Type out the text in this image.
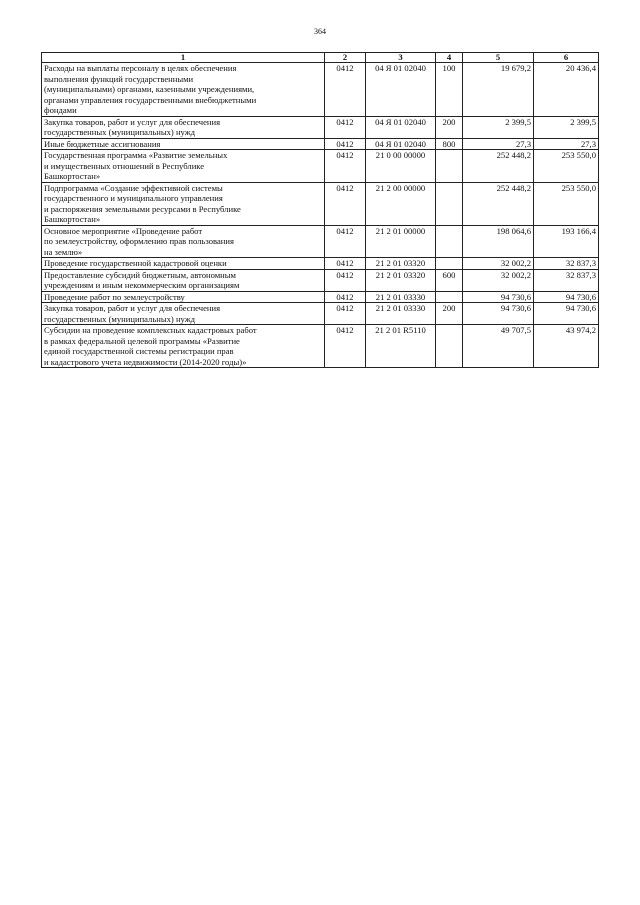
364
1	2	3	4	5	6
Расходы на выплаты персоналу в целях обеспечения
выполнения функций государственными
(муниципальными) органами, казенными учреждениями,
органами управления государственными внебюджетными
фондами	0412	04 Я 01 02040	100	19 679,2	20 436,4
Закупка товаров, работ и услуг для обеспечения
государственных (муниципальных) нужд	0412	04 Я 01 02040	200	2 399,5	2 399,5
Иные бюджетные ассигнования	0412	04 Я 01 02040	800	27,3	27,3
Государственная программа «Развитие земельных
и имущественных отношений в Республике
Башкортостан»	0412	21 0 00 00000		252 448,2	253 550,0
Подпрограмма «Создание эффективной системы
государственного и муниципального управления
и распоряжения земельными ресурсами в Республике
Башкортостан»	0412	21 2 00 00000		252 448,2	253 550,0
Основное мероприятие «Проведение работ
по землеустройству, оформлению прав пользования
на землю»	0412	21 2 01 00000		198 064,6	193 166,4
Проведение государственной кадастровой оценки	0412	21 2 01 03320		32 002,2	32 837,3
Предоставление субсидий бюджетным, автономным
учреждениям и иным некоммерческим организациям	0412	21 2 01 03320	600	32 002,2	32 837,3
Проведение работ по землеустройству	0412	21 2 01 03330		94 730,6	94 730,6
Закупка товаров, работ и услуг для обеспечения
государственных (муниципальных) нужд	0412	21 2 01 03330	200	94 730,6	94 730,6
Субсидии на проведение комплексных кадастровых работ
в рамках федеральной целевой программы «Развитие
единой государственной системы регистрации прав
и кадастрового учета недвижимости (2014-2020 годы)»	0412	21 2 01 R5110		49 707,5	43 974,2
